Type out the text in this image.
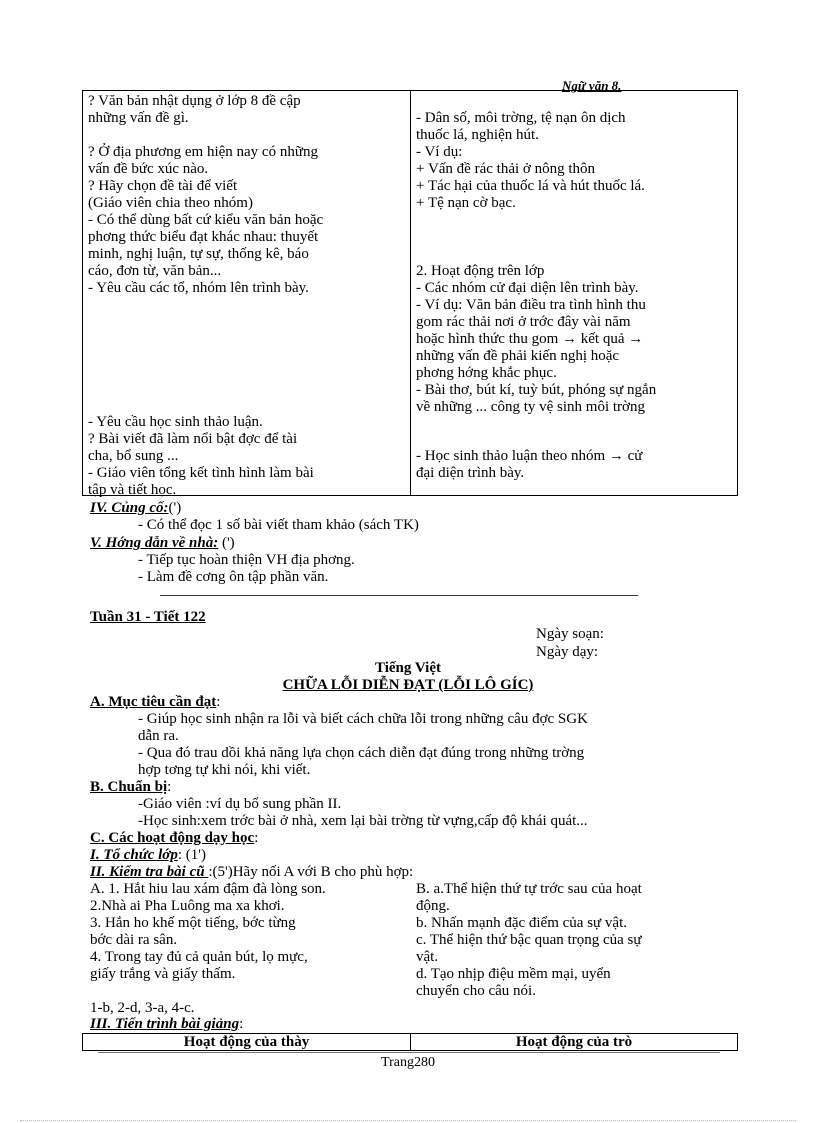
Ngữ văn 8.
? Văn bản nhật dụng ở lớp 8 đề cập
những vấn đề gì.
? Ở địa phương em hiện nay có những
vấn đề bức xúc nào.
? Hãy chọn đề tài để viết
(Giáo viên chia theo nhóm)
- Có thể dùng bất cứ kiểu văn bản hoặc
phơng thức biểu đạt khác nhau: thuyết
minh, nghị luận, tự sự, thống kê, báo
cáo, đơn từ, văn bản...
- Yêu cầu các tổ, nhóm lên trình bày.
- Yêu cầu học sinh thảo luận.
? Bài viết đã làm nổi bật đợc để tài
cha, bổ sung ...
- Giáo viên tổng kết tình hình làm bài
tập và tiết học.
- Dân số, môi trờng, tệ nạn ôn dịch
thuốc lá, nghiện hút.
- Ví dụ:
+ Vấn đề rác thải ở nông thôn
+ Tác hại của thuốc lá và hút thuốc lá.
+ Tệ nạn cờ bạc.
2. Hoạt động trên lớp
- Các nhóm cử đại diện lên trình bày.
- Ví dụ: Văn bản điều tra tình hình thu
gom rác thải nơi ở trớc đây vài năm
hoặc hình thức thu gom → kết quả →
những vấn đề phải kiến nghị hoặc
phơng hớng khắc phục.
- Bài thơ, bút kí, tuỳ bút, phóng sự ngắn
về những ... công ty vệ sinh môi trờng
- Học sinh thảo luận theo nhóm → cử
đại diện trình bày.
IV. Củng cố:(')
- Có thể đọc 1 số bài viết tham khảo (sách TK)
V. Hớng dẫn về nhà: (')
- Tiếp tục hoàn thiện VH địa phơng.
- Làm đề cơng ôn tập phần văn.
Tuần 31 - Tiết 122
Ngày soạn:
Ngày dạy:
Tiếng Việt
CHỮA LỖI DIỄN ĐẠT (LỖI LÔ GÍC)
A. Mục tiêu cần đạt:
- Giúp học sinh nhận ra lỗi và biết cách chữa lỗi trong những câu đợc SGK
dẫn ra.
- Qua đó trau dồi khả năng lựa chọn cách diễn đạt đúng trong những trờng
hợp tơng tự khi nói, khi viết.
B. Chuẩn bị:
-Giáo viên :ví dụ bổ sung phần II.
-Học sinh:xem trớc bài ở nhà, xem lại bài trờng từ vựng,cấp độ khái quát...
C. Các hoạt động dạy học:
I. Tổ chức lớp: (1')
II. Kiểm tra bài cũ :(5')Hãy nối A với B cho phù hợp:
A. 1. Hắt hiu lau xám đậm đà lòng son.
2.Nhà ai Pha Luông ma xa khơi.
3. Hắn ho khế một tiếng, bớc từng
bớc dài ra sân.
4. Trong tay đủ cả quản bút, lọ mực,
giấy trắng và giấy thấm.
B. a.Thể hiện thứ tự trớc sau của hoạt
động.
b. Nhấn mạnh đặc điểm của sự vật.
c. Thể hiện thứ bậc quan trọng của sự
vật.
d. Tạo nhịp điệu mềm mại, uyển
chuyển cho câu nói.
1-b, 2-d, 3-a, 4-c.
III. Tiến trình bài giảng:
Hoạt động của thày	Hoạt động của trò
Trang280
